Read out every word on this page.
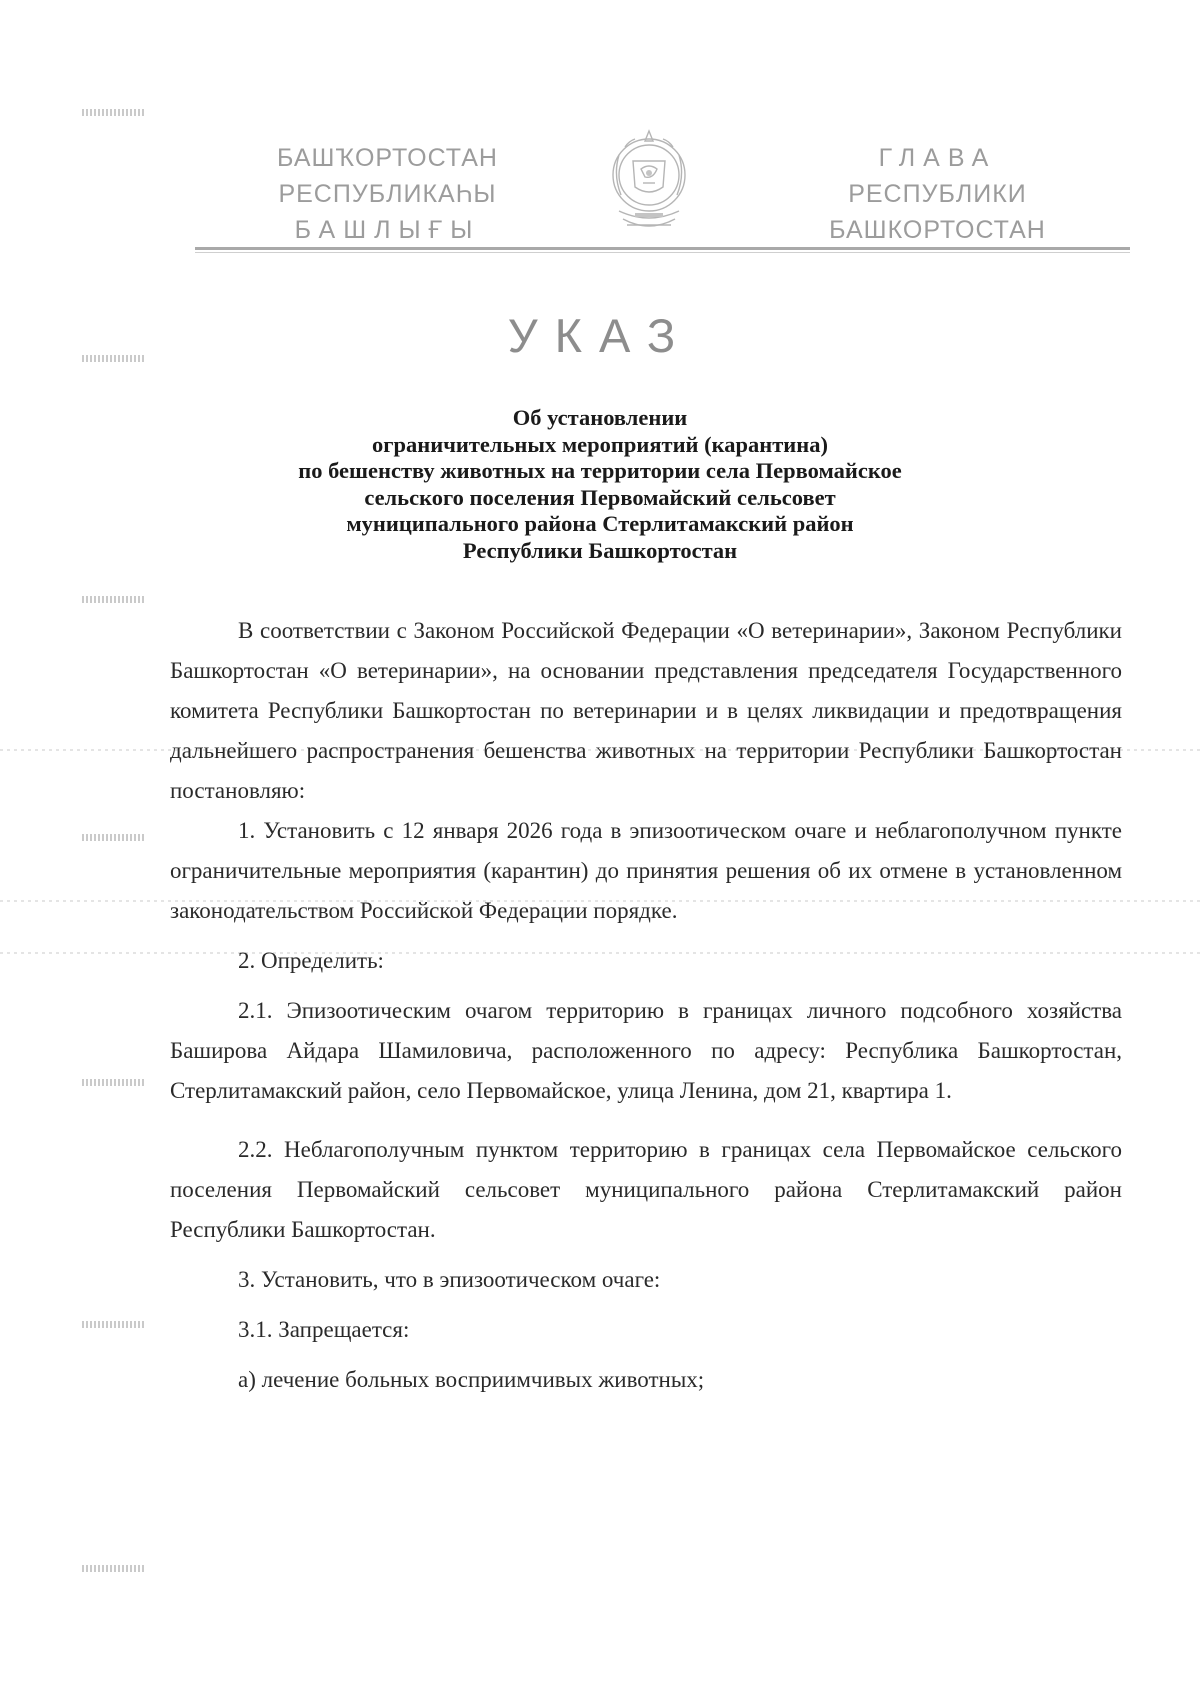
БАШҠОРТОСТАН
РЕСПУБЛИКАҺЫ
БАШЛЫҒЫ
ГЛАВА
РЕСПУБЛИКИ
БАШКОРТОСТАН
УКАЗ
Об установлении
ограничительных мероприятий (карантина)
по бешенству животных на территории села Первомайское
сельского поселения Первомайский сельсовет
муниципального района Стерлитамакский район
Республики Башкортостан

В соответствии с Законом Российской Федерации «О ветеринарии», Законом Республики Башкортостан «О ветеринарии», на основании представления председателя Государственного комитета Республики Башкортостан по ветеринарии и в целях ликвидации и предотвращения дальнейшего распространения бешенства животных на территории Республики Башкортостан постановляю:

1. Установить с 12 января 2026 года в эпизоотическом очаге и неблагополучном пункте ограничительные мероприятия (карантин) до принятия решения об их отмене в установленном законодательством Российской Федерации порядке.

2. Определить:

2.1. Эпизоотическим очагом территорию в границах личного подсобного хозяйства Баширова Айдара Шамиловича, расположенного по адресу: Республика Башкортостан, Стерлитамакский район, село Первомайское, улица Ленина, дом 21, квартира 1.

2.2. Неблагополучным пунктом территорию в границах села Первомайское сельского поселения Первомайский сельсовет муниципального района Стерлитамакский район Республики Башкортостан.

3. Установить, что в эпизоотическом очаге:

3.1. Запрещается:

а) лечение больных восприимчивых животных;
